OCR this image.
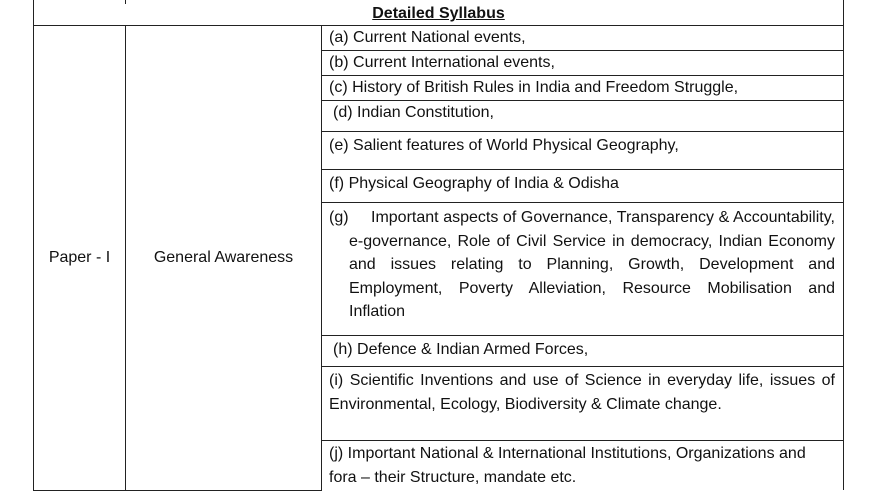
Detailed Syllabus
Paper - I	General Awareness	(a) Current National events,
(b) Current International events,
(c) History of British Rules in India and Freedom Struggle,
(d) Indian Constitution,
(e) Salient features of World Physical Geography,
(f) Physical Geography of India & Odisha

(g) Important aspects of Governance, Transparency & Accountability, e-governance, Role of Civil Service in democracy, Indian Economy and issues relating to Planning, Growth, Development and Employment, Poverty Alleviation, Resource Mobilisation and Inflation

(h) Defence & Indian Armed Forces,
(i) Scientific Inventions and use of Science in everyday life, issues of Environmental, Ecology, Biodiversity & Climate change.
(j) Important National & International Institutions, Organizations and fora – their Structure, mandate etc.
